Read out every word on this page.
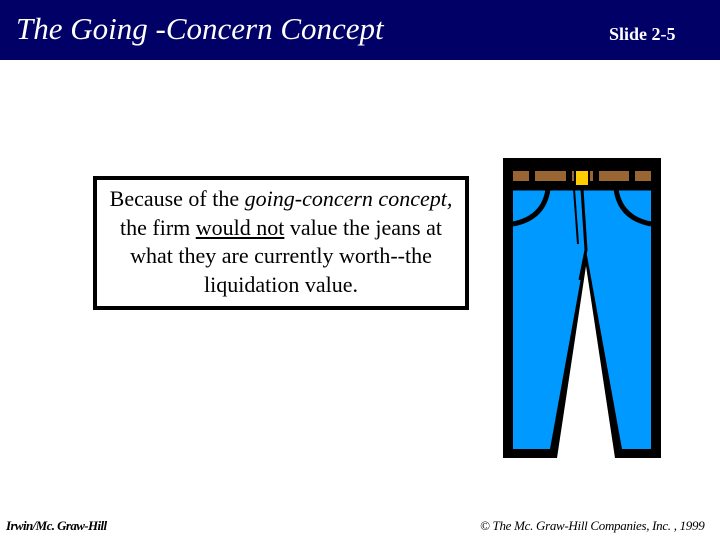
The Going -Concern Concept	Slide 2-5

Because of the going-concern concept, the firm would not value the jeans at what they are currently worth--the liquidation value.

Irwin/Mc. Graw-Hill	© The Mc. Graw-Hill Companies, Inc. , 1999
